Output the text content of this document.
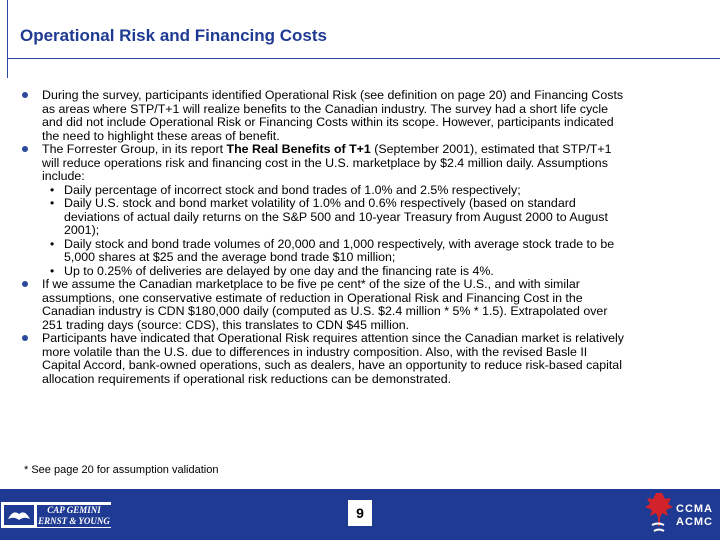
Operational Risk and Financing Costs
During the survey, participants identified Operational Risk (see definition on page 20) and Financing Costs
as areas where STP/T+1 will realize benefits to the Canadian industry. The survey had a short life cycle
and did not include Operational Risk or Financing Costs within its scope. However, participants indicated
the need to highlight these areas of benefit.
The Forrester Group, in its report The Real Benefits of T+1 (September 2001), estimated that STP/T+1
will reduce operations risk and financing cost in the U.S. marketplace by $2.4 million daily. Assumptions
include:
• Daily percentage of incorrect stock and bond trades of 1.0% and 2.5% respectively;
• Daily U.S. stock and bond market volatility of 1.0% and 0.6% respectively (based on standard
deviations of actual daily returns on the S&P 500 and 10-year Treasury from August 2000 to August
2001);
• Daily stock and bond trade volumes of 20,000 and 1,000 respectively, with average stock trade to be
5,000 shares at $25 and the average bond trade $10 million;
• Up to 0.25% of deliveries are delayed by one day and the financing rate is 4%.
If we assume the Canadian marketplace to be five pe cent* of the size of the U.S., and with similar
assumptions, one conservative estimate of reduction in Operational Risk and Financing Cost in the
Canadian industry is CDN $180,000 daily (computed as U.S. $2.4 million * 5% * 1.5). Extrapolated over
251 trading days (source: CDS), this translates to CDN $45 million.
Participants have indicated that Operational Risk requires attention since the Canadian market is relatively
more volatile than the U.S. due to differences in industry composition. Also, with the revised Basle II
Capital Accord, bank-owned operations, such as dealers, have an opportunity to reduce risk-based capital
allocation requirements if operational risk reductions can be demonstrated.
* See page 20 for assumption validation
CAP GEMINI
ERNST & YOUNG	9	CCMA
ACMC
